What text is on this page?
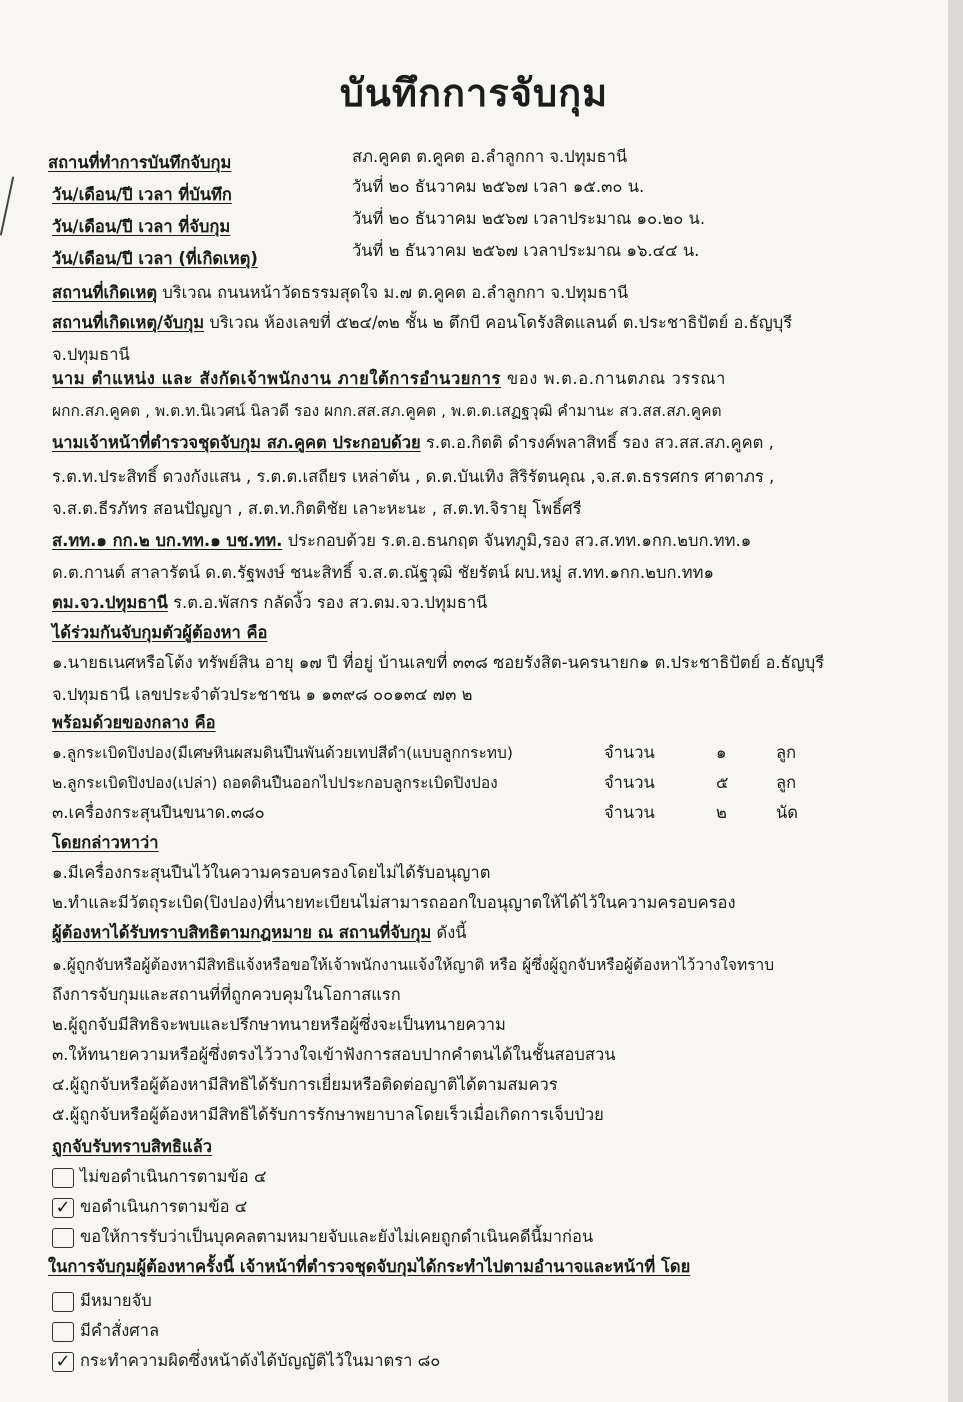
บันทึกการจับกุม
สถานที่ทำการบันทึกจับกุม	สภ.คูคต ต.คูคต อ.ลำลูกกา จ.ปทุมธานี
วัน/เดือน/ปี เวลา ที่บันทึก	วันที่ ๒๐ ธันวาคม ๒๕๖๗ เวลา ๑๕.๓๐ น.
วัน/เดือน/ปี เวลา ที่จับกุม	วันที่ ๒๐ ธันวาคม ๒๕๖๗ เวลาประมาณ ๑๐.๒๐ น.
วัน/เดือน/ปี เวลา (ที่เกิดเหตุ)	วันที่ ๒ ธันวาคม ๒๕๖๗ เวลาประมาณ ๑๖.๔๔ น.
สถานที่เกิดเหตุ บริเวณ ถนนหน้าวัดธรรมสุดใจ ม.๗ ต.คูคต อ.ลำลูกกา จ.ปทุมธานี
สถานที่เกิดเหตุ/จับกุม บริเวณ ห้องเลขที่ ๕๒๔/๓๒ ชั้น ๒ ตึกบี คอนโดรังสิตแลนด์ ต.ประชาธิปัตย์ อ.ธัญบุรี
จ.ปทุมธานี
นาม ตำแหน่ง และ สังกัดเจ้าพนักงาน ภายใต้การอำนวยการ ของ พ.ต.อ.กานตภณ วรรณา
ผกก.สภ.คูคต , พ.ต.ท.นิเวศน์ นิลวดี รอง ผกก.สส.สภ.คูคต , พ.ต.ต.เสฏฐวุฒิ คำมานะ สว.สส.สภ.คูคต
นามเจ้าหน้าที่ตำรวจชุดจับกุม สภ.คูคต ประกอบด้วย ร.ต.อ.กิตติ ดำรงค์พลาสิทธิ์ รอง สว.สส.สภ.คูคต ,
ร.ต.ท.ประสิทธิ์ ดวงกังแสน , ร.ต.ต.เสถียร เหล่าตัน , ด.ต.บันเทิง สิริรัตนคุณ ,จ.ส.ต.ธรรศกร ศาตาภร ,
จ.ส.ต.ธีรภัทร สอนปัญญา , ส.ต.ท.กิตติชัย เลาะหะนะ , ส.ต.ท.จิรายุ โพธิ์ศรี
ส.ทท.๑ กก.๒ บก.ทท.๑ บช.ทท. ประกอบด้วย ร.ต.อ.ธนกฤต จันทภูมิ,รอง สว.ส.ทท.๑กก.๒บก.ทท.๑
ด.ต.กานต์ สาลารัตน์ ด.ต.รัฐพงษ์ ชนะสิทธิ์ จ.ส.ต.ณัฐวุฒิ ชัยรัตน์ ผบ.หมู่ ส.ทท.๑กก.๒บก.ทท๑
ตม.จว.ปทุมธานี ร.ต.อ.พัสกร กลัดงิ้ว รอง สว.ตม.จว.ปทุมธานี
ได้ร่วมกันจับกุมตัวผู้ต้องหา คือ
๑.นายธเนศหรือโต้ง ทรัพย์สิน อายุ ๑๗ ปี ที่อยู่ บ้านเลขที่ ๓๓๘ ซอยรังสิต-นครนายก๑ ต.ประชาธิปัตย์ อ.ธัญบุรี
จ.ปทุมธานี เลขประจำตัวประชาชน ๑ ๑๓๙๘ ๐๐๑๓๔ ๗๓ ๒
พร้อมด้วยของกลาง คือ
๑.ลูกระเบิดปิงปอง(มีเศษหินผสมดินปืนพันด้วยเทปสีดำ(แบบลูกกระทบ)	จำนวน	๑	ลูก
๒.ลูกระเบิดปิงปอง(เปล่า) ถอดดินปืนออกไปประกอบลูกระเบิดปิงปอง	จำนวน	๕	ลูก
๓.เครื่องกระสุนปืนขนาด.๓๘๐	จำนวน	๒	นัด
โดยกล่าวหาว่า
๑.มีเครื่องกระสุนปืนไว้ในความครอบครองโดยไม่ได้รับอนุญาต
๒.ทำและมีวัตถุระเบิด(ปิงปอง)ที่นายทะเบียนไม่สามารถออกใบอนุญาตให้ได้ไว้ในความครอบครอง
ผู้ต้องหาได้รับทราบสิทธิตามกฎหมาย ณ สถานที่จับกุม ดังนี้
๑.ผู้ถูกจับหรือผู้ต้องหามีสิทธิแจ้งหรือขอให้เจ้าพนักงานแจ้งให้ญาติ หรือ ผู้ซึ่งผู้ถูกจับหรือผู้ต้องหาไว้วางใจทราบ
ถึงการจับกุมและสถานที่ที่ถูกควบคุมในโอกาสแรก
๒.ผู้ถูกจับมีสิทธิจะพบและปรึกษาทนายหรือผู้ซึ่งจะเป็นทนายความ
๓.ให้ทนายความหรือผู้ซึ่งตรงไว้วางใจเข้าฟังการสอบปากคำตนได้ในชั้นสอบสวน
๔.ผู้ถูกจับหรือผู้ต้องหามีสิทธิได้รับการเยี่ยมหรือติดต่อญาติได้ตามสมควร
๕.ผู้ถูกจับหรือผู้ต้องหามีสิทธิได้รับการรักษาพยาบาลโดยเร็วเมื่อเกิดการเจ็บป่วย
ถูกจับรับทราบสิทธิแล้ว
ไม่ขอดำเนินการตามข้อ ๔
✓ ขอดำเนินการตามข้อ ๔
ขอให้การรับว่าเป็นบุคคลตามหมายจับและยังไม่เคยถูกดำเนินคดีนี้มาก่อน
ในการจับกุมผู้ต้องหาครั้งนี้ เจ้าหน้าที่ตำรวจชุดจับกุมได้กระทำไปตามอำนาจและหน้าที่ โดย
มีหมายจับ
มีคำสั่งศาล
✓ กระทำความผิดซึ่งหน้าดังได้บัญญัติไว้ในมาตรา ๘๐
